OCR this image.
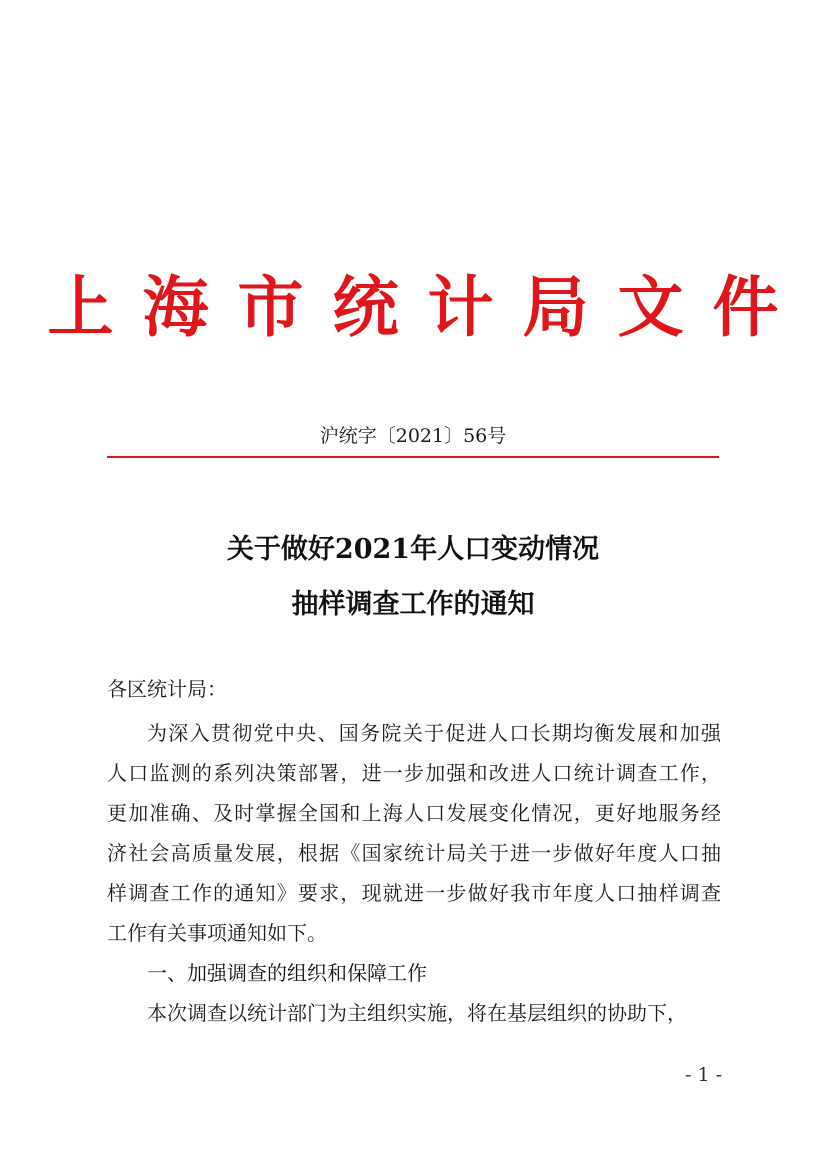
上海市统计局文件
沪统字〔2021〕56号
关于做好2021年人口变动情况
抽样调查工作的通知
各区统计局：
为深入贯彻党中央、国务院关于促进人口长期均衡发展和加强
人口监测的系列决策部署，进一步加强和改进人口统计调查工作，
更加准确、及时掌握全国和上海人口发展变化情况，更好地服务经
济社会高质量发展，根据《国家统计局关于进一步做好年度人口抽
样调查工作的通知》要求，现就进一步做好我市年度人口抽样调查
工作有关事项通知如下。
一、加强调查的组织和保障工作
本次调查以统计部门为主组织实施，将在基层组织的协助下，
- 1 -
